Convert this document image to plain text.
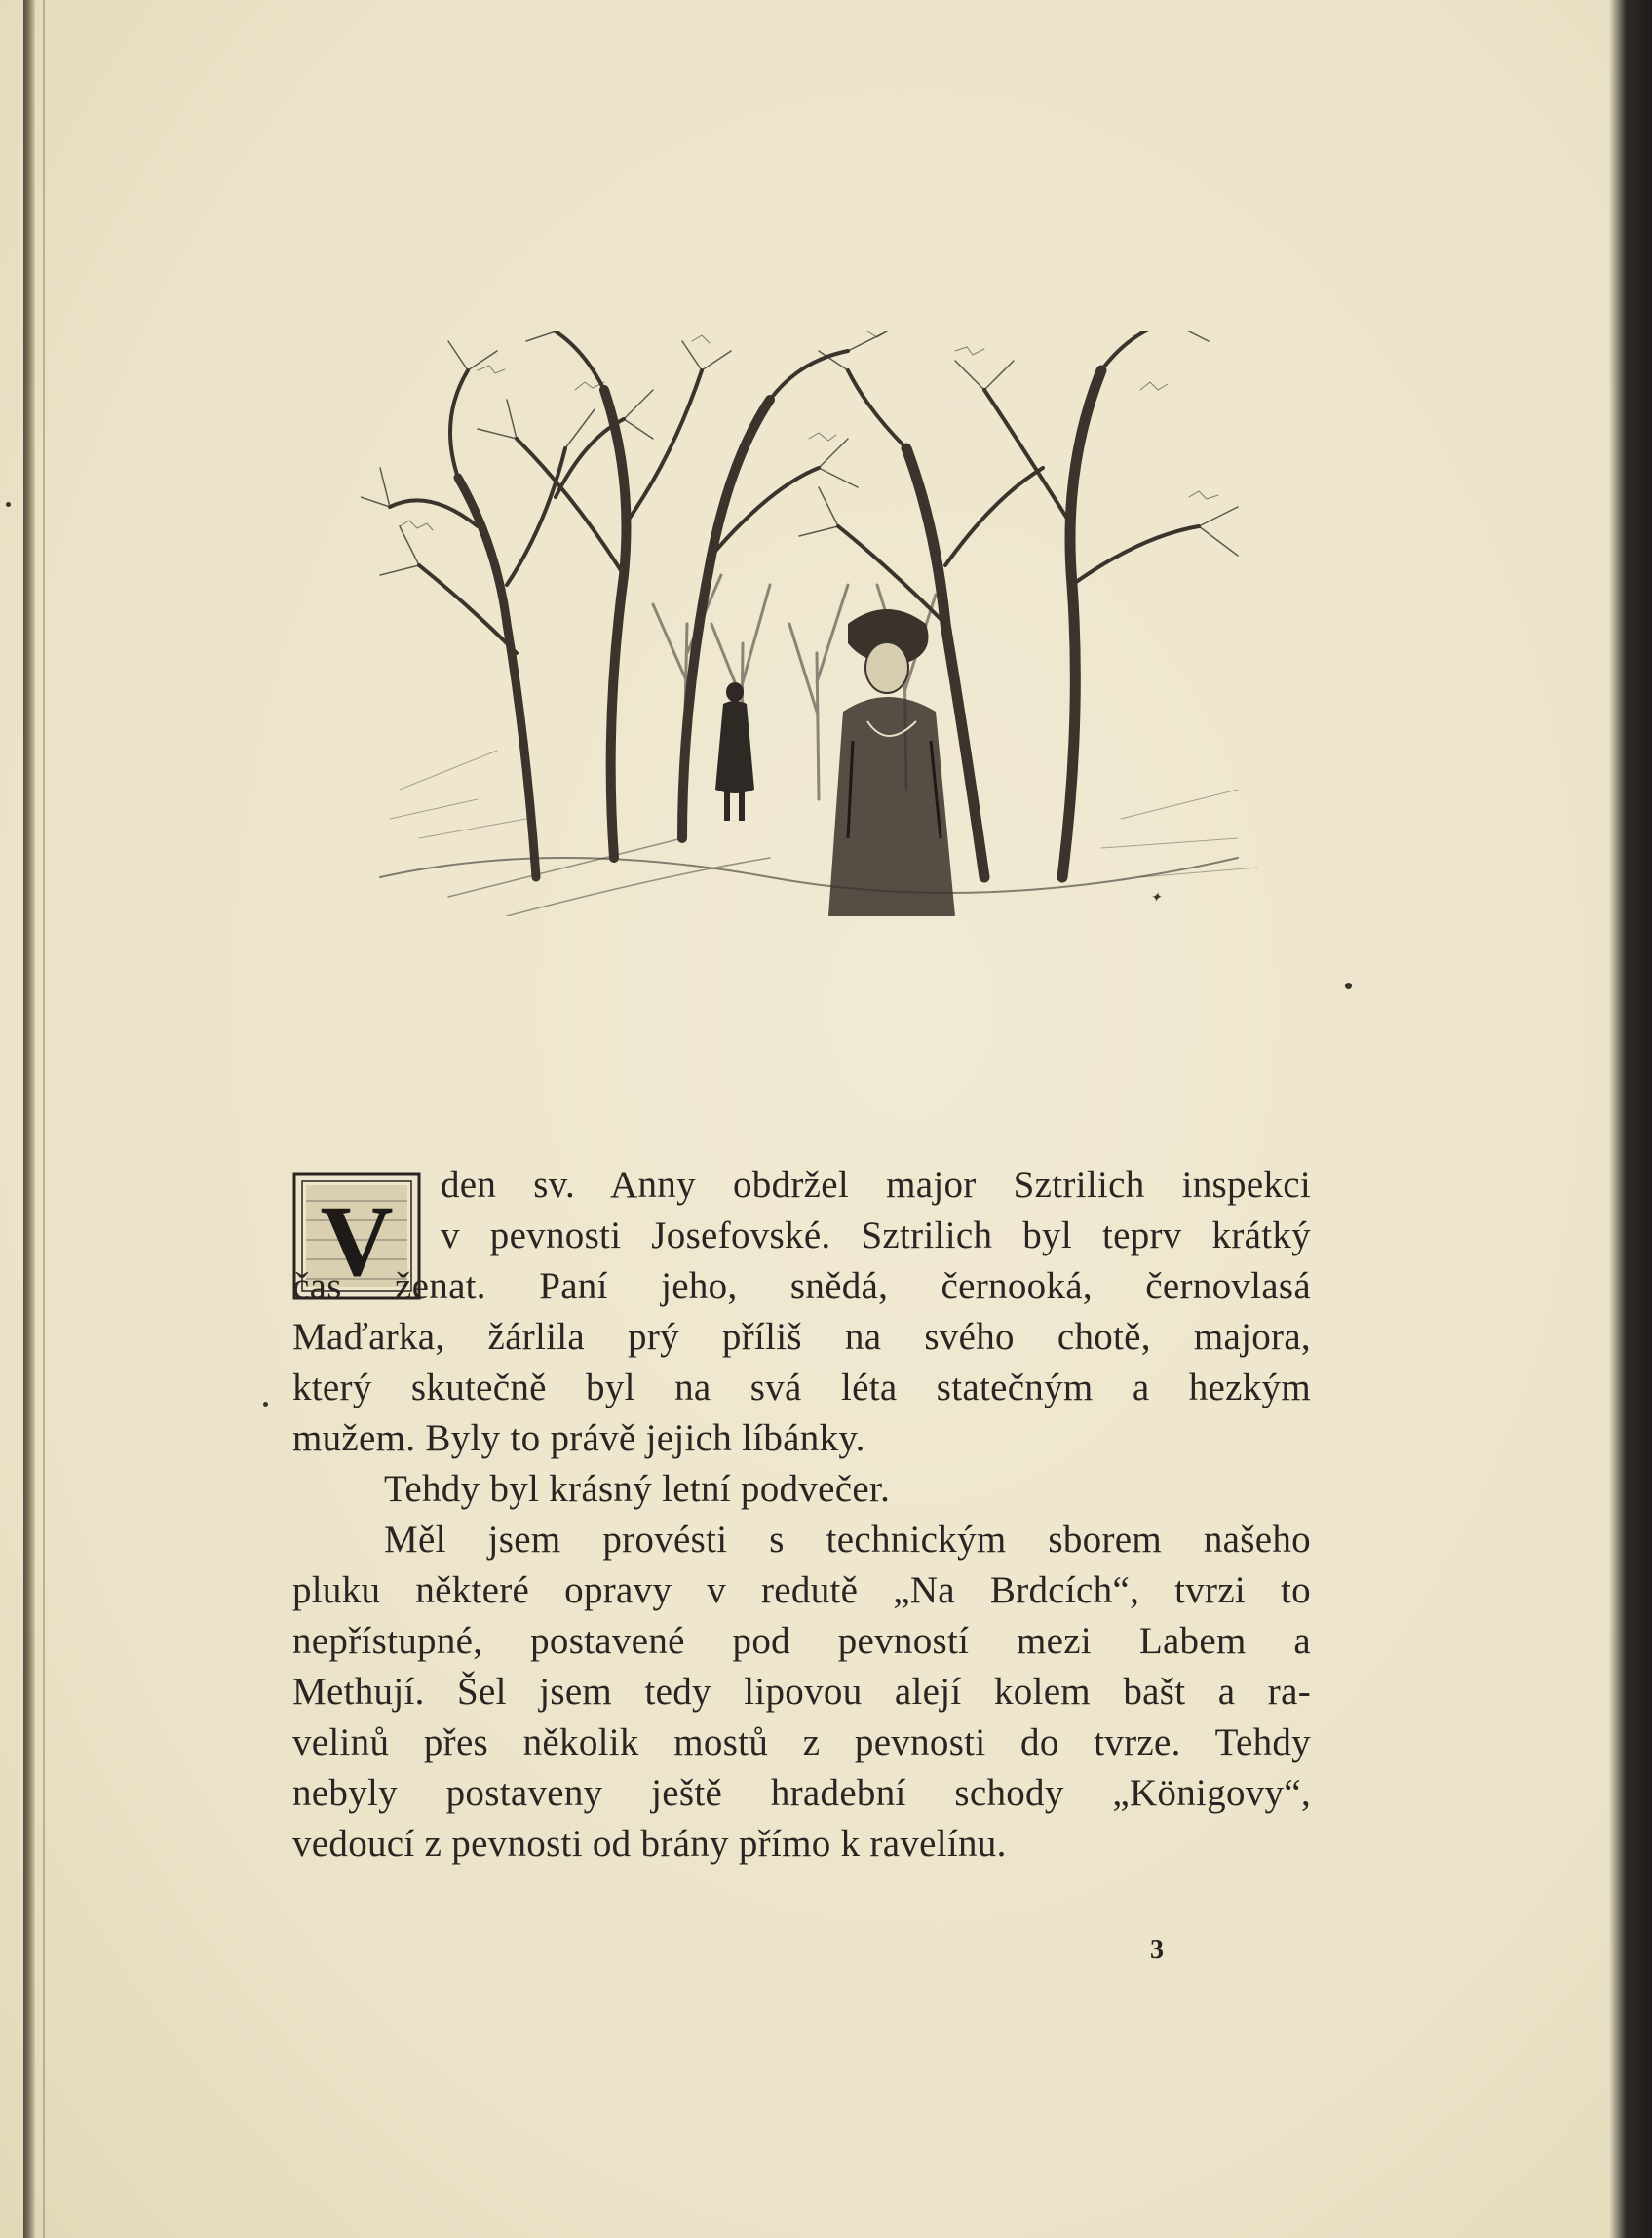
✦
V
den sv. Anny obdržel major Sztrilich inspekci
v pevnosti Josefovské. Sztrilich byl teprv krátký
čas ženat. Paní jeho, snědá, černooká, černovlasá
Maďarka, žárlila prý příliš na svého chotě, majora,
který skutečně byl na svá léta statečným a hezkým
mužem. Byly to právě jejich líbánky.
Tehdy byl krásný letní podvečer.
Měl jsem provésti s technickým sborem našeho
pluku některé opravy v redutě „Na Brdcích“, tvrzi to
nepřístupné, postavené pod pevností mezi Labem a
Methují. Šel jsem tedy lipovou alejí kolem bašt a ra-
velinů přes několik mostů z pevnosti do tvrze. Tehdy
nebyly postaveny ještě hradební schody „Königovy“,
vedoucí z pevnosti od brány přímo k ravelínu.
3
